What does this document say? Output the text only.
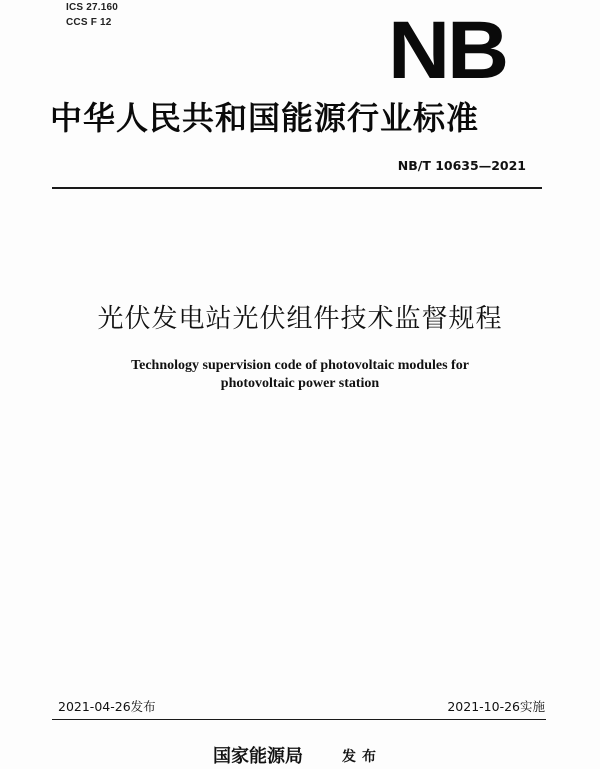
ICS 27.160
CCS F 12	NB
中华人民共和国能源行业标准
NB/T 10635—2021
光伏发电站光伏组件技术监督规程
Technology supervision code of photovoltaic modules for
photovoltaic power station
2021-04-26发布	2021-10-26实施
国家能源局	发布
